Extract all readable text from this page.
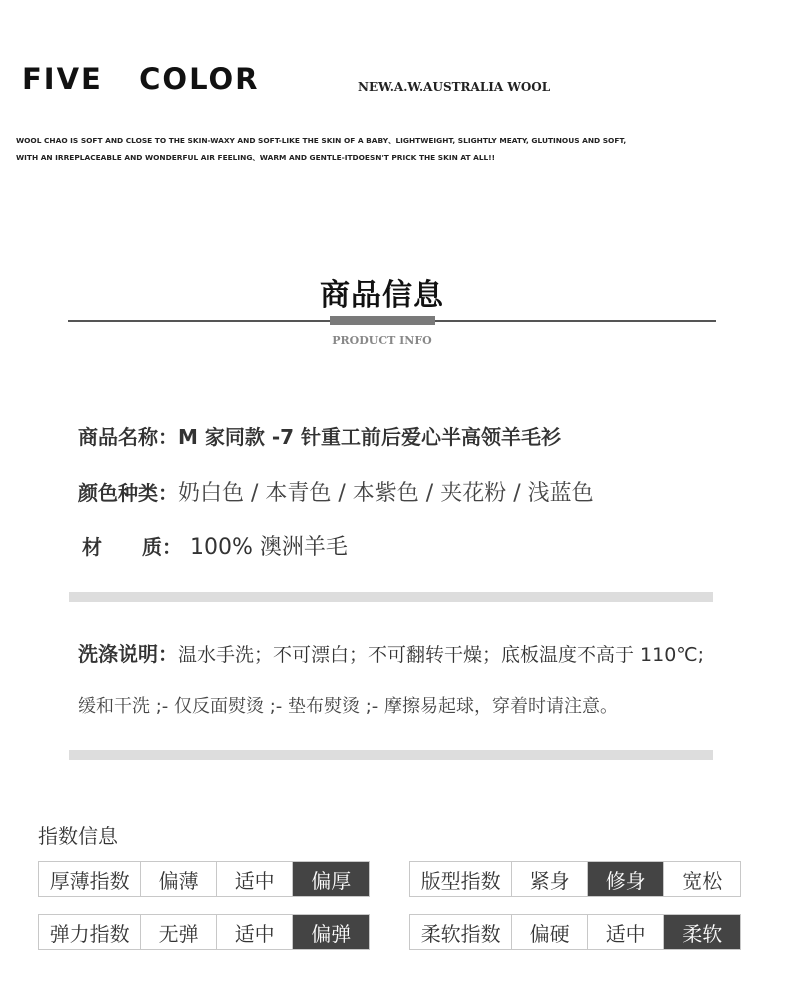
FIVE   COLOR	NEW.A.W.AUSTRALIA WOOL
WOOL CHAO IS SOFT AND CLOSE TO THE SKIN-WAXY AND SOFT-LIKE THE SKIN OF A BABY、LIGHTWEIGHT, SLIGHTLY MEATY, GLUTINOUS AND SOFT,
WITH AN IRREPLACEABLE AND WONDERFUL AIR FEELING、WARM AND GENTLE-ITDOESN'T PRICK THE SKIN AT ALL!!
商品信息
PRODUCT INFO
商品名称：M 家同款 -7 针重工前后爱心半高领羊毛衫
颜色种类：奶白色 / 本青色 / 本紫色 / 夹花粉 / 浅蓝色
材　　质： 100% 澳洲羊毛
洗涤说明：温水手洗；不可漂白；不可翻转干燥；底板温度不高于 110℃;
缓和干洗 ;- 仅反面熨烫 ;- 垫布熨烫 ;- 摩擦易起球，穿着时请注意。
指数信息
厚薄指数	偏薄	适中	偏厚	版型指数	紧身	修身	宽松
弹力指数	无弹	适中	偏弹	柔软指数	偏硬	适中	柔软
